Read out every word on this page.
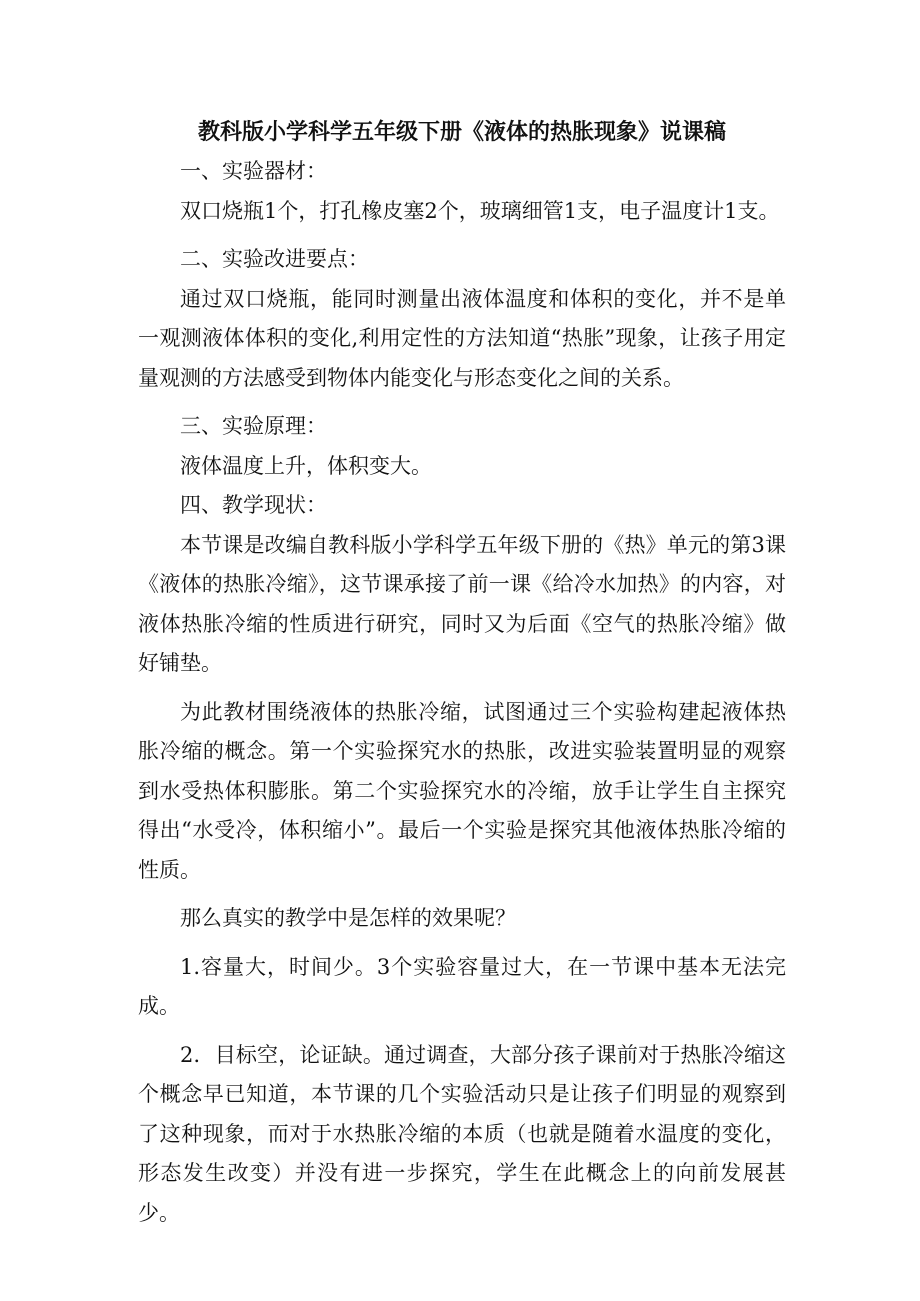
教科版小学科学五年级下册《液体的热胀现象》说课稿

一、实验器材：

双口烧瓶1个，打孔橡皮塞2个，玻璃细管1支，电子温度计1支。

二、实验改进要点：

通过双口烧瓶，能同时测量出液体温度和体积的变化，并不是单一观测液体体积的变化,利用定性的方法知道“热胀”现象，让孩子用定量观测的方法感受到物体内能变化与形态变化之间的关系。

三、实验原理：

液体温度上升，体积变大。

四、教学现状：

本节课是改编自教科版小学科学五年级下册的《热》单元的第3课《液体的热胀冷缩》，这节课承接了前一课《给冷水加热》的内容，对液体热胀冷缩的性质进行研究，同时又为后面《空气的热胀冷缩》做好铺垫。

为此教材围绕液体的热胀冷缩，试图通过三个实验构建起液体热胀冷缩的概念。第一个实验探究水的热胀，改进实验装置明显的观察到水受热体积膨胀。第二个实验探究水的冷缩，放手让学生自主探究得出“水受冷，体积缩小”。最后一个实验是探究其他液体热胀冷缩的性质。

那么真实的教学中是怎样的效果呢？

1.容量大，时间少。3个实验容量过大，在一节课中基本无法完成。

2．目标空，论证缺。通过调查，大部分孩子课前对于热胀冷缩这个概念早已知道，本节课的几个实验活动只是让孩子们明显的观察到了这种现象，而对于水热胀冷缩的本质（也就是随着水温度的变化，形态发生改变）并没有进一步探究，学生在此概念上的向前发展甚少。
